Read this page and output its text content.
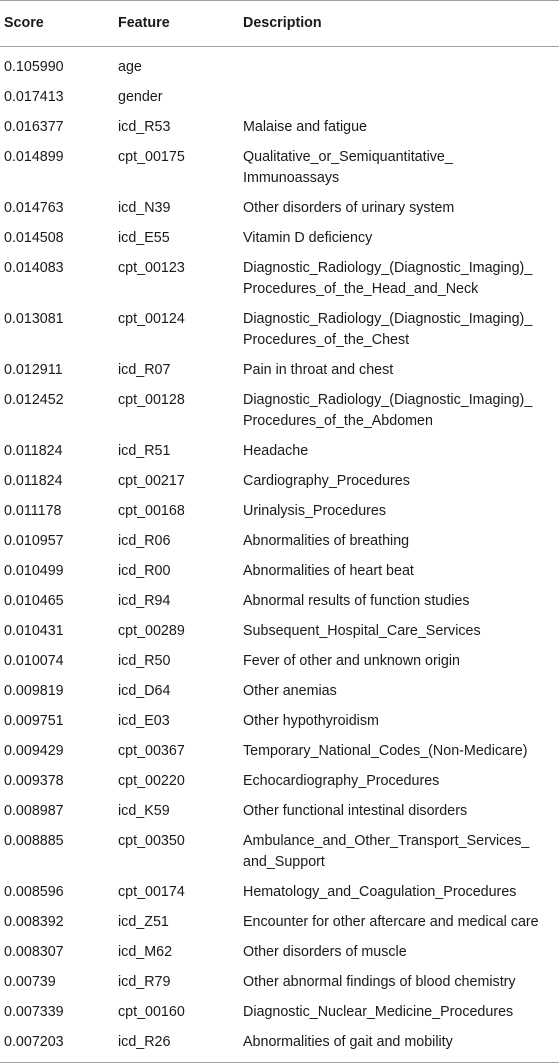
Score	Feature	Description
0.105990	age	
0.017413	gender	
0.016377	icd_R53	Malaise and fatigue
0.014899	cpt_00175	Qualitative_or_Semiquantitative_
Immunoassays
0.014763	icd_N39	Other disorders of urinary system
0.014508	icd_E55	Vitamin D deficiency
0.014083	cpt_00123	Diagnostic_Radiology_(Diagnostic_Imaging)_
Procedures_of_the_Head_and_Neck
0.013081	cpt_00124	Diagnostic_Radiology_(Diagnostic_Imaging)_
Procedures_of_the_Chest
0.012911	icd_R07	Pain in throat and chest
0.012452	cpt_00128	Diagnostic_Radiology_(Diagnostic_Imaging)_
Procedures_of_the_Abdomen
0.011824	icd_R51	Headache
0.011824	cpt_00217	Cardiography_Procedures
0.011178	cpt_00168	Urinalysis_Procedures
0.010957	icd_R06	Abnormalities of breathing
0.010499	icd_R00	Abnormalities of heart beat
0.010465	icd_R94	Abnormal results of function studies
0.010431	cpt_00289	Subsequent_Hospital_Care_Services
0.010074	icd_R50	Fever of other and unknown origin
0.009819	icd_D64	Other anemias
0.009751	icd_E03	Other hypothyroidism
0.009429	cpt_00367	Temporary_National_Codes_(Non-Medicare)
0.009378	cpt_00220	Echocardiography_Procedures
0.008987	icd_K59	Other functional intestinal disorders
0.008885	cpt_00350	Ambulance_and_Other_Transport_Services_
and_Support
0.008596	cpt_00174	Hematology_and_Coagulation_Procedures
0.008392	icd_Z51	Encounter for other aftercare and medical care
0.008307	icd_M62	Other disorders of muscle
0.00739	icd_R79	Other abnormal findings of blood chemistry
0.007339	cpt_00160	Diagnostic_Nuclear_Medicine_Procedures
0.007203	icd_R26	Abnormalities of gait and mobility
